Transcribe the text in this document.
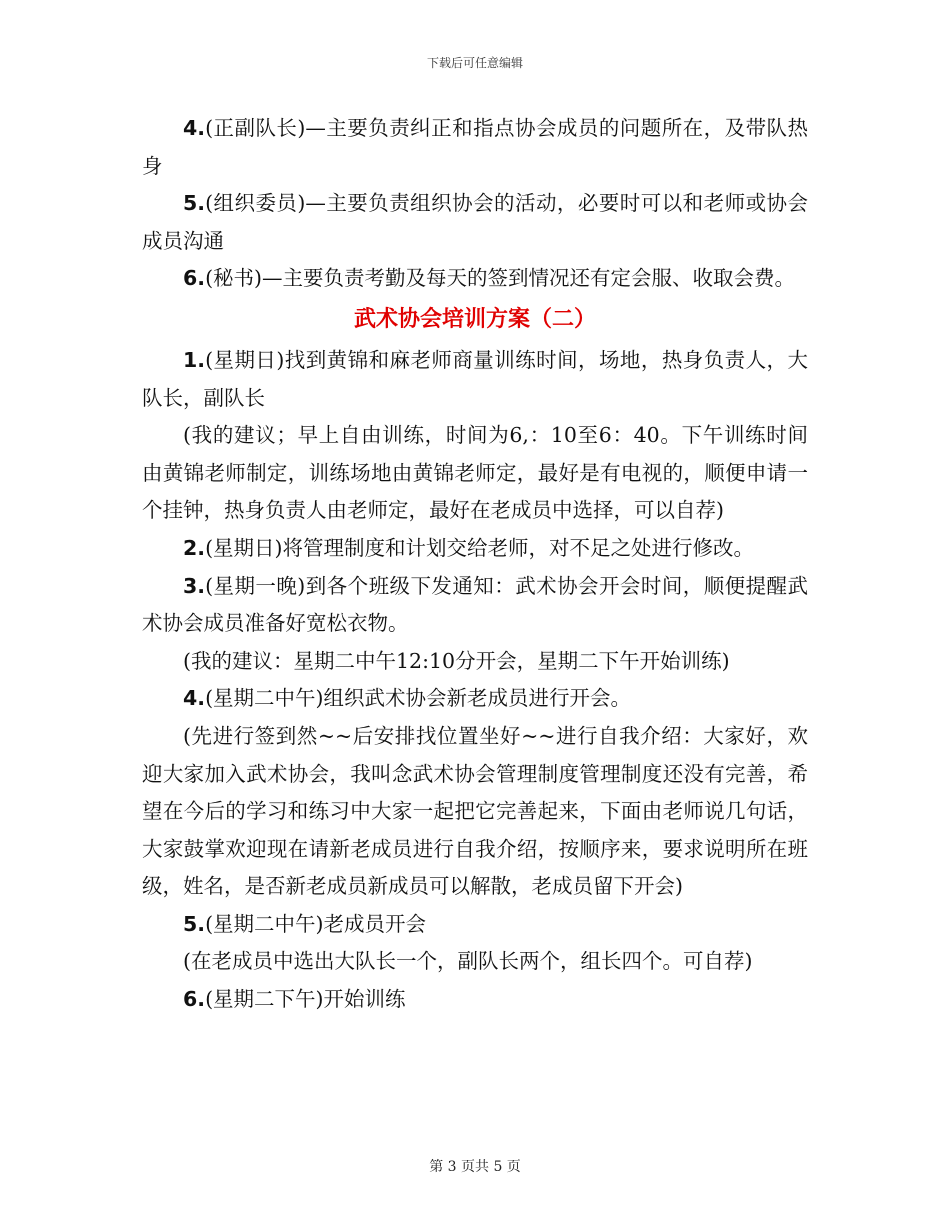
下载后可任意编辑

4.(正副队长)—主要负责纠正和指点协会成员的问题所在，及带队热身

5.(组织委员)—主要负责组织协会的活动，必要时可以和老师或协会成员沟通

6.(秘书)—主要负责考勤及每天的签到情况还有定会服、收取会费。

武术协会培训方案（二）

1.(星期日)找到黄锦和麻老师商量训练时间，场地，热身负责人，大队长，副队长

(我的建议；早上自由训练，时间为6,：10至6：40。下午训练时间由黄锦老师制定，训练场地由黄锦老师定，最好是有电视的，顺便申请一个挂钟，热身负责人由老师定，最好在老成员中选择，可以自荐)

2.(星期日)将管理制度和计划交给老师，对不足之处进行修改。

3.(星期一晚)到各个班级下发通知：武术协会开会时间，顺便提醒武术协会成员准备好宽松衣物。

(我的建议：星期二中午12:10分开会，星期二下午开始训练)

4.(星期二中午)组织武术协会新老成员进行开会。

(先进行签到然~~后安排找位置坐好~~进行自我介绍：大家好，欢迎大家加入武术协会，我叫念武术协会管理制度管理制度还没有完善，希望在今后的学习和练习中大家一起把它完善起来，下面由老师说几句话，大家鼓掌欢迎现在请新老成员进行自我介绍，按顺序来，要求说明所在班级，姓名，是否新老成员新成员可以解散，老成员留下开会)

5.(星期二中午)老成员开会

(在老成员中选出大队长一个，副队长两个，组长四个。可自荐)

6.(星期二下午)开始训练

第 3 页共 5 页
